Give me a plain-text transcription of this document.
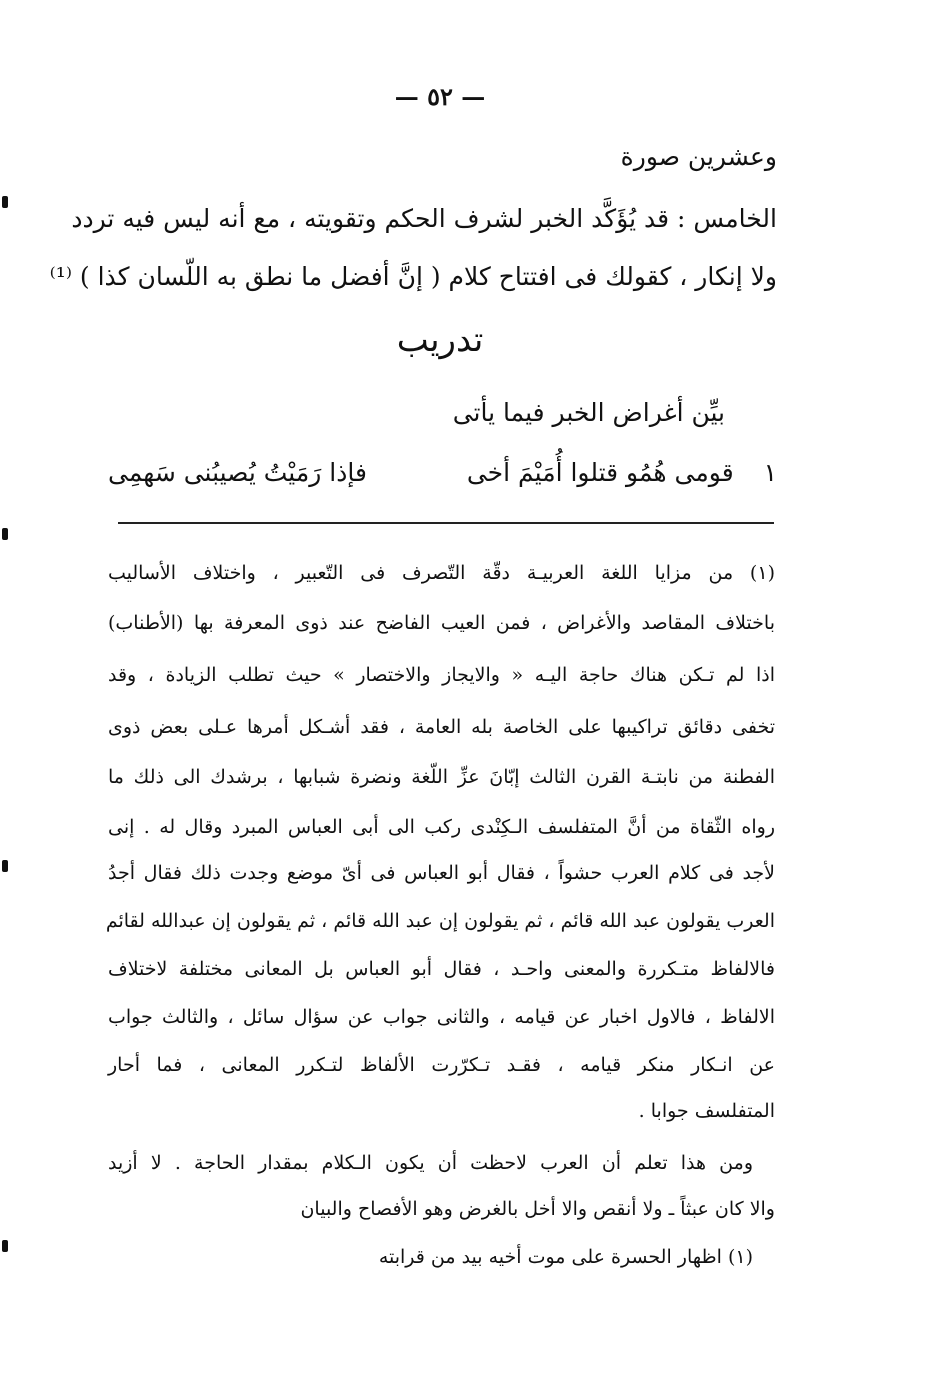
— ٥٢ —
وعشرين صورة
الخامس : قد يُؤَكَّد الخبر لشرف الحكم وتقويته ، مع أنه ليس فيه تردد
ولا إنكار ، كقولك فى افتتاح كلام ( إنَّ أفضل ما نطق به اللّسان كذا ) ⁽¹⁾
تدريب
بيِّن أغراض الخبر فيما يأتى
١  قومى هُمُو قتلوا أُمَيْمَ أخى
فإذا رَمَيْتُ يُصيبُنى سَهمِى
(١) من مزايا اللغة العربيـة دقّة التّصرف فى التّعبير ، واختلاف الأساليب
باختلاف المقاصد والأغراض ، فمن العيب الفاضح عند ذوى المعرفة بها (الأطناب)
اذا لم تـكن هناك حاجة اليـه « والايجاز والاختصار » حيث تطلب الزيادة ، وقد
تخفى دقائق تراكيبها على الخاصة بله العامة ، فقد أشـكل أمرها عـلى بعض ذوى
الفطنة من نابتـة القرن الثالث إبّانَ عزِّ اللّغة ونضرة شبابها ، برشدك الى ذلك ما
رواه الثّقاة من أنَّ المتفلسف الـكِنْدى ركب الى أبى العباس المبرد وقال له . إنى
لأجد فى كلام العرب حشواً ، فقال أبو العباس فى أىّ موضع وجدت ذلك فقال أجدُ
العرب يقولون عبد الله قائم ، ثم يقولون إن عبد الله قائم ، ثم يقولون إن عبدالله لقائم
فالالفاظ متـكررة والمعنى واحـد ، فقال أبو العباس بل المعانى مختلفة لاختلاف
الالفاظ ، فالاول اخبار عن قيامه ، والثانى جواب عن سؤال سائل ، والثالث جواب
عن انـكار منكر قيامه ، فقـد تـكرّرت الألفاظ لتـكرر المعانى ، فما أحار
المتفلسف جوابا .
ومن هذا تعلم أن العرب لاحظت أن يكون الـكلام بمقدار الحاجة . لا أزيد
والا كان عبثاً ـ ولا أنقص والا أخل بالغرض وهو الأفصاح والبيان
(١) اظهار الحسرة على موت أخيه بيد من قرابته
